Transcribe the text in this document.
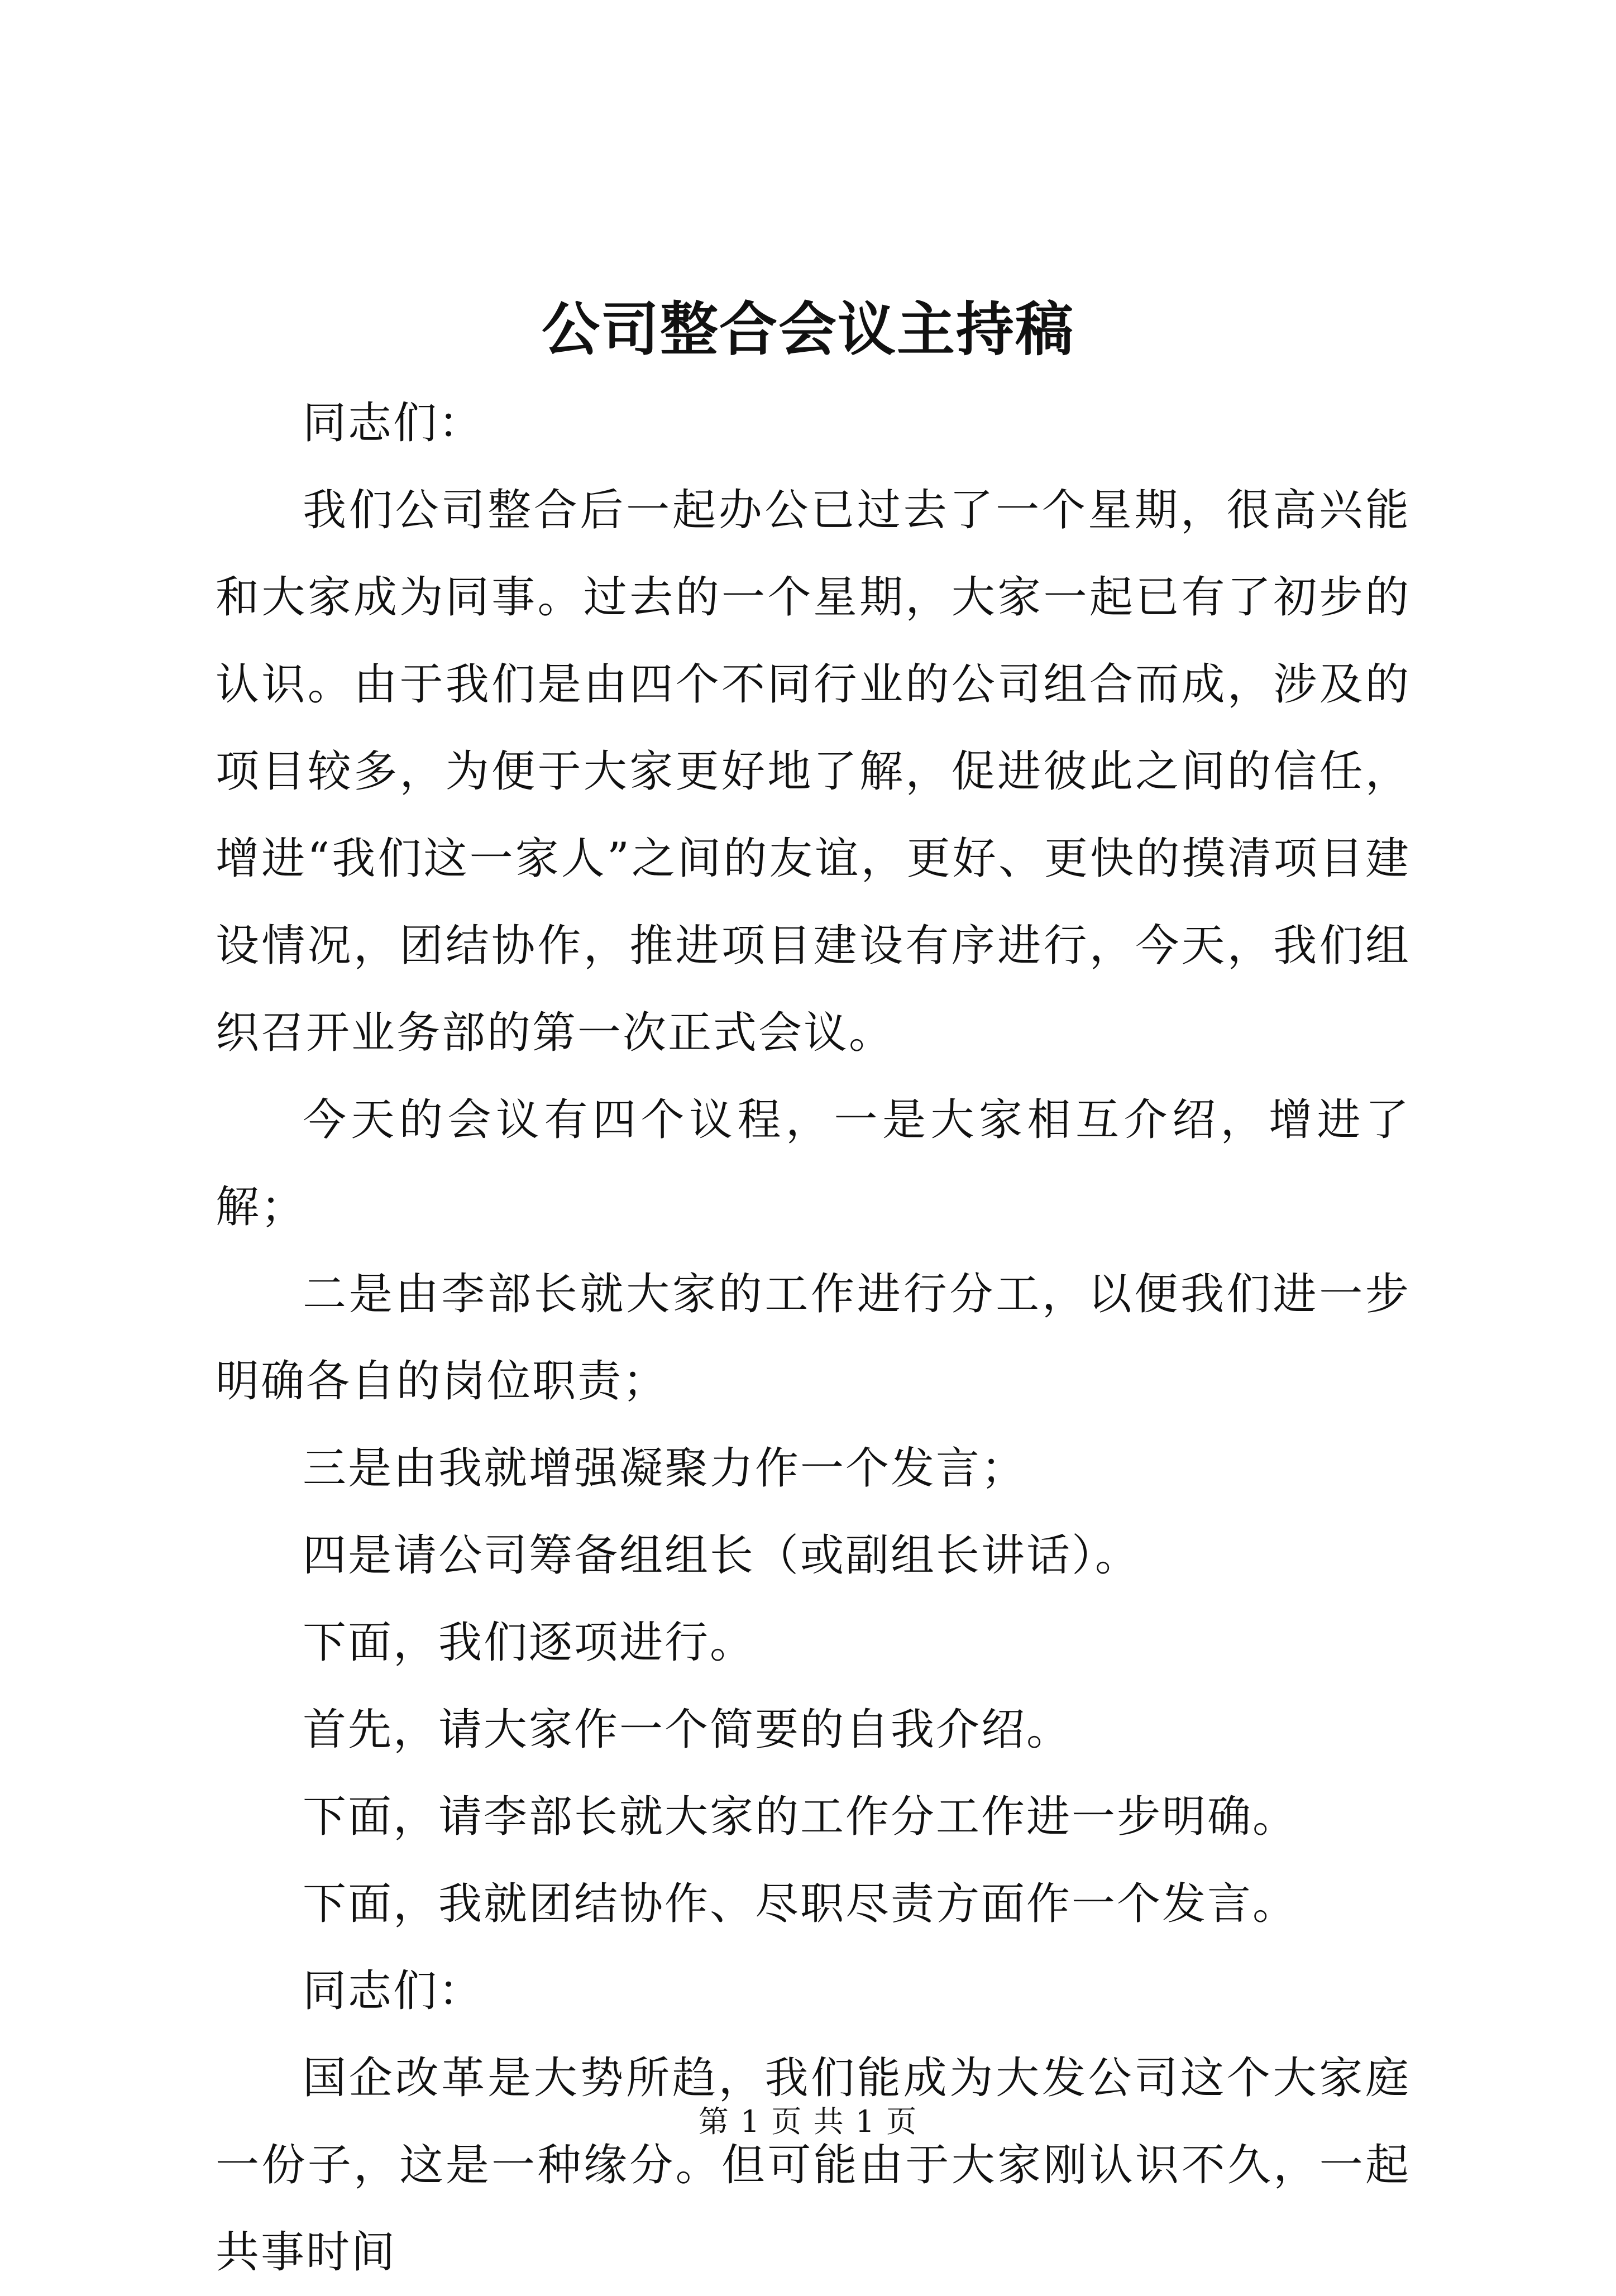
公司整合会议主持稿

同志们：

我们公司整合后一起办公已过去了一个星期，很高兴能和大家成为同事。过去的一个星期，大家一起已有了初步的认识。由于我们是由四个不同行业的公司组合而成，涉及的项目较多，为便于大家更好地了解，促进彼此之间的信任，增进“我们这一家人”之间的友谊，更好、更快的摸清项目建设情况，团结协作，推进项目建设有序进行，今天，我们组织召开业务部的第一次正式会议。

今天的会议有四个议程，一是大家相互介绍，增进了解；

二是由李部长就大家的工作进行分工，以便我们进一步明确各自的岗位职责；

三是由我就增强凝聚力作一个发言；

四是请公司筹备组组长（或副组长讲话）。

下面，我们逐项进行。

首先，请大家作一个简要的自我介绍。

下面，请李部长就大家的工作分工作进一步明确。

下面，我就团结协作、尽职尽责方面作一个发言。

同志们：

国企改革是大势所趋，我们能成为大发公司这个大家庭一份子，这是一种缘分。但可能由于大家刚认识不久，一起共事时间

第 1 页 共 1 页
